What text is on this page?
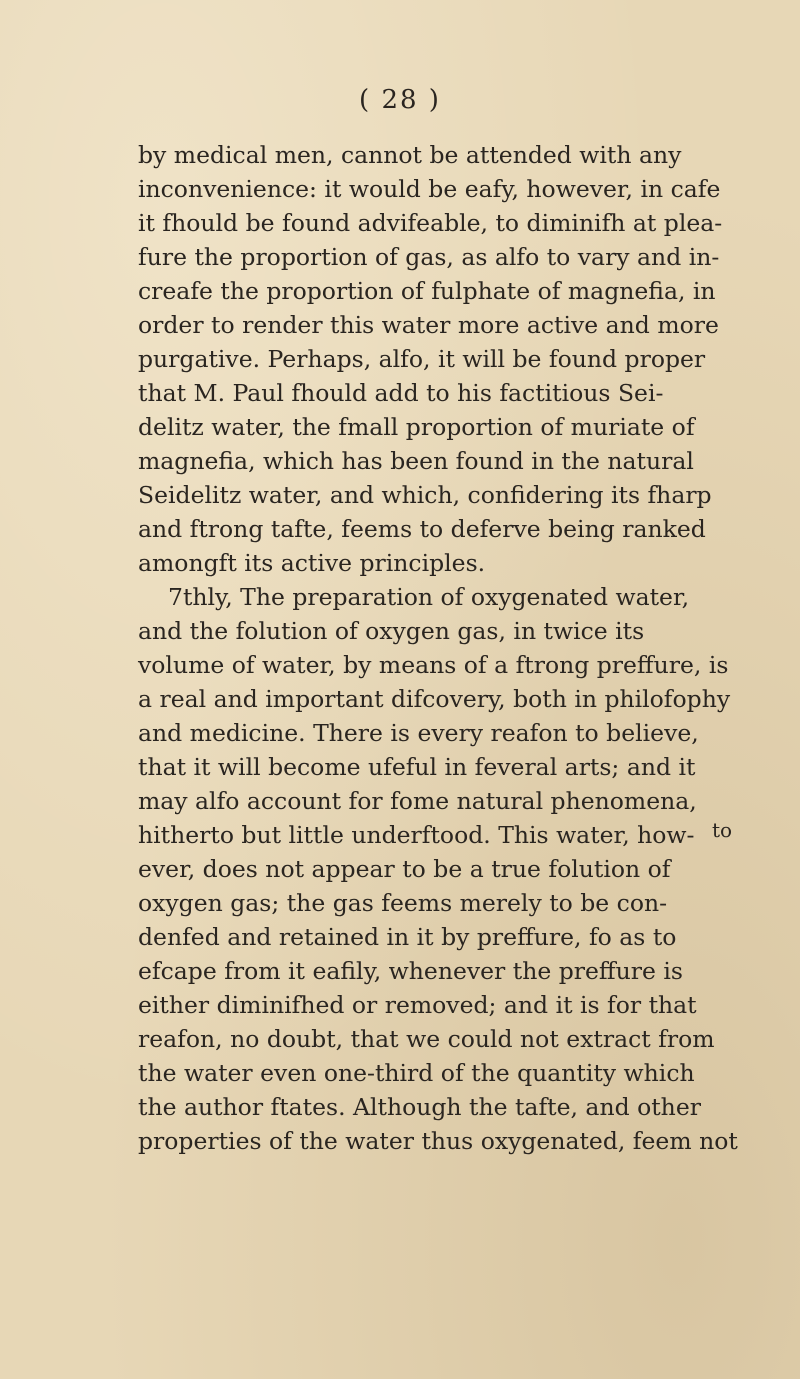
( 28 )
by medical men, cannot be attended with any
inconvenience: it would be eafy, however, in cafe
it fhould be found advifeable, to diminifh at plea-
fure the proportion of gas, as alfo to vary and in-
creafe the proportion of fulphate of magnefia, in
order to render this water more active and more
purgative. Perhaps, alfo, it will be found proper
that M. Paul fhould add to his factitious Sei-
delitz water, the fmall proportion of muriate of
magnefia, which has been found in the natural
Seidelitz water, and which, confidering its fharp
and ftrong tafte, feems to deferve being ranked
amongft its active principles.
7thly, The preparation of oxygenated water,
and the folution of oxygen gas, in twice its
volume of water, by means of a ftrong preffure, is
a real and important difcovery, both in philofophy
and medicine. There is every reafon to believe,
that it will become ufeful in feveral arts; and it
may alfo account for fome natural phenomena,
hitherto but little underftood. This water, how-
ever, does not appear to be a true folution of
oxygen gas; the gas feems merely to be con-
denfed and retained in it by preffure, fo as to
efcape from it eafily, whenever the preffure is
either diminifhed or removed; and it is for that
reafon, no doubt, that we could not extract from
the water even one-third of the quantity which
the author ftates. Although the tafte, and other
properties of the water thus oxygenated, feem not
to
